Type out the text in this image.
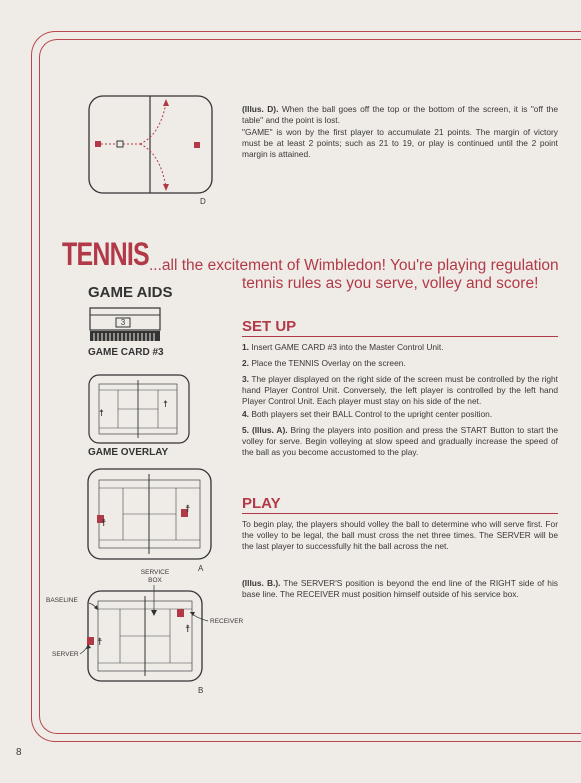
D
(Illus. D). When the ball goes off the top or the bottom of the screen, it is "off the table" and the point is lost.
"GAME" is won by the first player to accumulate 21 points. The margin of victory must be at least 2 points; such as 21 to 19, or play is continued until the 2 point margin is attained.
TENNIS ...all the excitement of Wimbledon! You're playing regulation
tennis rules as you serve, volley and score!
GAME AIDS
3
GAME CARD #3
☨
☨
GAME OVERLAY
SET UP
1. Insert GAME CARD #3 into the Master Control Unit.
2. Place the TENNIS Overlay on the screen.
3. The player displayed on the right side of the screen must be controlled by the right hand Player Control Unit. Conversely, the left player is controlled by the left hand Player Control Unit. Each player must stay on his side of the net.
4. Both players set their BALL Control to the upright center position.
5. (Illus. A). Bring the players into position and press the START Button to start the volley for serve. Begin volleying at slow speed and gradually increase the speed of the ball as you become accustomed to the play.
☨
☨
A
PLAY
To begin play, the players should volley the ball to determine who will serve first. For the volley to be legal, the ball must cross the net three times. The SERVER will be the last player to successfully hit the ball across the net.
(Illus. B.). The SERVER'S position is beyond the end line of the RIGHT side of his base line. The RECEIVER must position himself outside of his service box.
☨
☨
SERVICE
BOX
BASELINE
RECEIVER
SERVER
B
8
